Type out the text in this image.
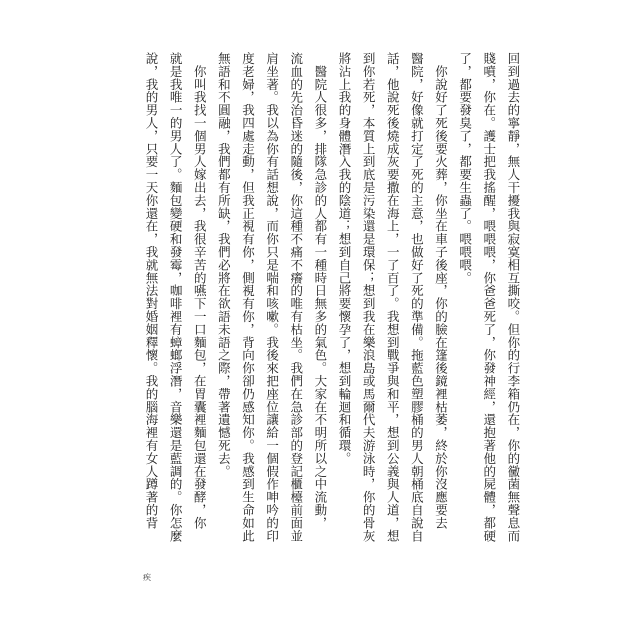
回到過去的寧靜，無人干擾我與寂寞相互撕咬。但你的行李箱仍在，你的黴菌無聲息而
賤噴，你在。護士把我搖醒，喂喂喂，你爸爸死了，你發神經，還抱著他的屍體，都硬
了，都要發臭了，都要生蟲了。喂喂喂。
　你說好了死後要火葬，你坐在車子後座，你的臉在篷後鏡裡枯萎，終於你沒應要去
醫院，好像就打定了死的主意，也做好了死的準備。拖藍色塑膠桶的男人朝桶底自說自
話，他說死後燒成灰要撒在海上，一了百了。我想到戰爭與和平，想到公義與人道，想
到你若死，本質上到底是污染還是環保；想到我在樂浪島或馬爾代夫游泳時，你的骨灰
將沾上我的身體潛入我的陰道；想到自己將要懷孕了，想到輪迴和循環。
　醫院人很多，排隊急診的人都有一種時日無多的氣色。大家在不明所以之中流動，
流血的先治昏迷的隨後，你這種不痛不癢的唯有枯坐。我們在急診部的登記櫃檯前面並
肩坐著。我以為你有話想說，而你只是喘和咳嗽。我後來把座位讓給一個假作呻吟的印
度老婦，我四處走動，但我正視有你，側視有你，背向你卻仍感知你。我感到生命如此
無語和不圓融，我們都有所缺，我們必將在欲語未語之際，帶著遺憾死去。
　你叫我找一個男人嫁出去，我很辛苦的嚥下一口麵包，在胃囊裡麵包還在發酵，你
就是我唯一的男人了。麵包變硬和發霉，咖啡裡有蟑螂浮潛，音樂還是藍調的。你怎麼
說，我的男人，只要一天你還在，我就無法對婚姻釋懷。我的腦海裡有女人蹲著的背
疾
